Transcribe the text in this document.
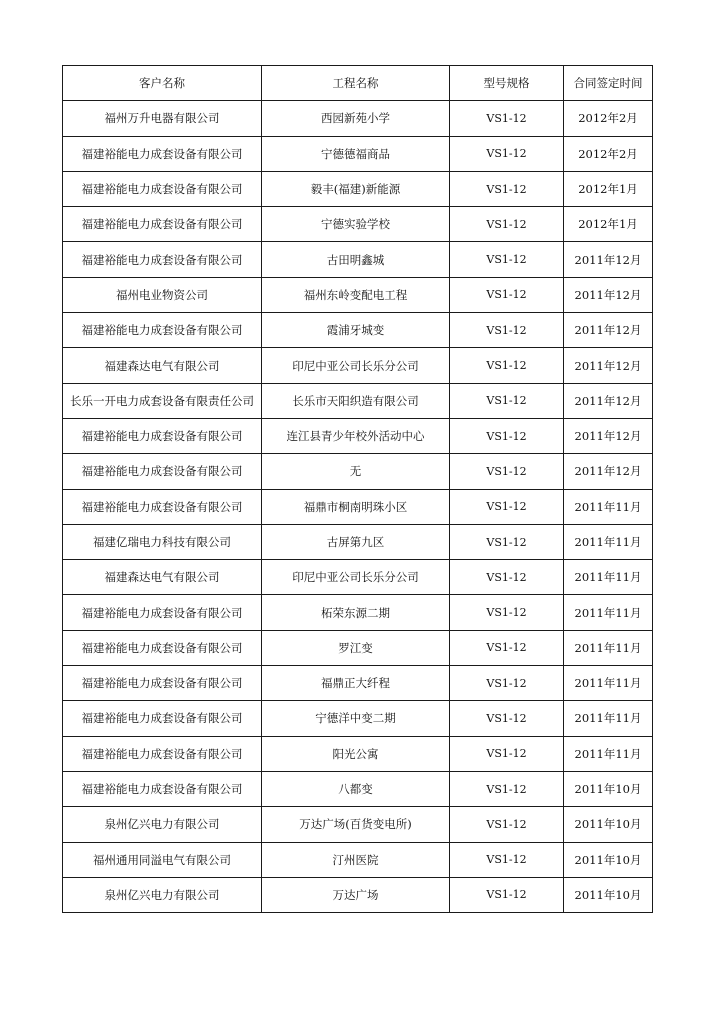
客户名称	工程名称	型号规格	合同签定时间
福州万升电器有限公司	西园新苑小学	VS1-12	2012年2月
福建裕能电力成套设备有限公司	宁德德福商品	VS1-12	2012年2月
福建裕能电力成套设备有限公司	毅丰(福建)新能源	VS1-12	2012年1月
福建裕能电力成套设备有限公司	宁德实验学校	VS1-12	2012年1月
福建裕能电力成套设备有限公司	古田明鑫城	VS1-12	2011年12月
福州电业物资公司	福州东岭变配电工程	VS1-12	2011年12月
福建裕能电力成套设备有限公司	霞浦牙城变	VS1-12	2011年12月
福建森达电气有限公司	印尼中亚公司长乐分公司	VS1-12	2011年12月
长乐一开电力成套设备有限责任公司	长乐市天阳织造有限公司	VS1-12	2011年12月
福建裕能电力成套设备有限公司	连江县青少年校外活动中心	VS1-12	2011年12月
福建裕能电力成套设备有限公司	无	VS1-12	2011年12月
福建裕能电力成套设备有限公司	福鼎市桐南明珠小区	VS1-12	2011年11月
福建亿瑞电力科技有限公司	古屏第九区	VS1-12	2011年11月
福建森达电气有限公司	印尼中亚公司长乐分公司	VS1-12	2011年11月
福建裕能电力成套设备有限公司	柘荣东源二期	VS1-12	2011年11月
福建裕能电力成套设备有限公司	罗江变	VS1-12	2011年11月
福建裕能电力成套设备有限公司	福鼎正大纤程	VS1-12	2011年11月
福建裕能电力成套设备有限公司	宁德洋中变二期	VS1-12	2011年11月
福建裕能电力成套设备有限公司	阳光公寓	VS1-12	2011年11月
福建裕能电力成套设备有限公司	八都变	VS1-12	2011年10月
泉州亿兴电力有限公司	万达广场(百货变电所)	VS1-12	2011年10月
福州通用同溢电气有限公司	汀州医院	VS1-12	2011年10月
泉州亿兴电力有限公司	万达广场	VS1-12	2011年10月
